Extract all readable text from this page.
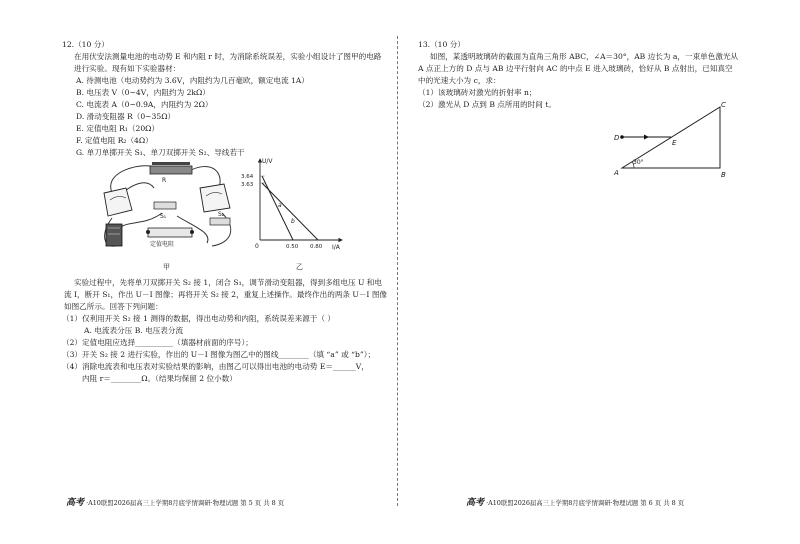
12.（10 分）
在用伏安法测量电池的电动势 E 和内阻 r 时，为消除系统误差，实验小组设计了图甲的电路
进行实验。现有如下实验器材：
A. 待测电池（电动势约为 3.6V，内阻约为几百毫欧，额定电流 1A）
B. 电压表 V（0~4V，内阻约为 2kΩ）
C. 电流表 A（0~0.9A，内阻约为 2Ω）
D. 滑动变阻器 R（0~35Ω）
E. 定值电阻 R₁（20Ω）
F. 定值电阻 R₂（4Ω）
G. 单刀单掷开关 S₁、单刀双掷开关 S₂、导线若干
R
S₁	S₂
定值电阻
甲
U/V
I/A
0
3.64
3.63
0.50 0.80
a
b
乙
实验过程中，先将单刀双掷开关 S₂ 接 1，闭合 S₁，调节滑动变阻器，得到多组电压 U 和电
流 I，断开 S₁，作出 U－I 图像；再将开关 S₂ 接 2，重复上述操作。最终作出的两条 U－I 图像
如图乙所示。回答下列问题：
（1）仅利用开关 S₂ 接 1 测得的数据，得出电动势和内阻，系统误差来源于（ ）
A. 电流表分压 B. 电压表分流
（2）定值电阻应选择__________（填器材前面的序号）；
（3）开关 S₂ 接 2 进行实验，作出的 U－I 图像为图乙中的图线________（填 “a” 或 “b”）；
（4）消除电流表和电压表对实验结果的影响，由图乙可以得出电池的电动势 E＝______V，
内阻 r＝________Ω。（结果均保留 2 位小数）
高考 ·A10联盟2026届高三上学期8月底学情调研·物理试题 第 5 页 共 8 页
13.（10 分）
如图，某透明玻璃砖的截面为直角三角形 ABC，∠A＝30°，AB 边长为 a，一束单色激光从
A 点正上方的 D 点与 AB 边平行射向 AC 的中点 E 进入玻璃砖，恰好从 B 点射出，已知真空
中的光速大小为 c，求：
（1）该玻璃砖对激光的折射率 n；
（2）激光从 D 点到 B 点所用的时间 t。
30°
D
E
A	B
C
高考 ·A10联盟2026届高三上学期8月底学情调研·物理试题 第 6 页 共 8 页
